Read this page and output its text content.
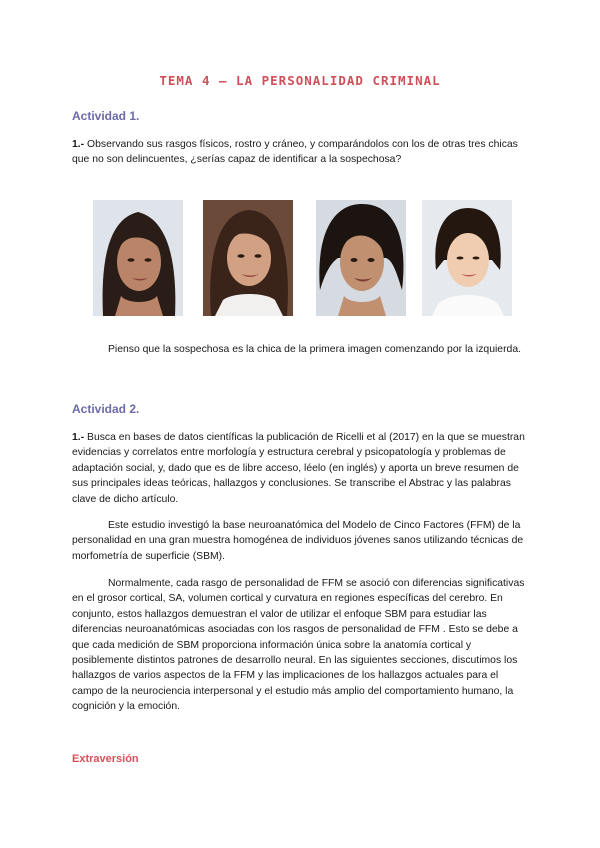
TEMA 4 – LA PERSONALIDAD CRIMINAL
Actividad 1.
1.- Observando sus rasgos físicos, rostro y cráneo, y comparándolos con los de otras tres chicas que no son delincuentes, ¿serías capaz de identificar a la sospechosa?
Pienso que la sospechosa es la chica de la primera imagen comenzando por la izquierda.
Actividad 2.
1.- Busca en bases de datos científicas la publicación de Ricelli et al (2017) en la que se muestran evidencias y correlatos entre morfología y estructura cerebral y psicopatología y problemas de adaptación social, y, dado que es de libre acceso, léelo (en inglés) y aporta un breve resumen de sus principales ideas teóricas, hallazgos y conclusiones. Se transcribe el Abstrac y las palabras clave de dicho artículo.
Este estudio investigó la base neuroanatómica del Modelo de Cinco Factores (FFM) de la personalidad en una gran muestra homogénea de individuos jóvenes sanos utilizando técnicas de morfometría de superficie (SBM).
Normalmente, cada rasgo de personalidad de FFM se asoció con diferencias significativas en el grosor cortical, SA, volumen cortical y curvatura en regiones específicas del cerebro. En conjunto, estos hallazgos demuestran el valor de utilizar el enfoque SBM para estudiar las diferencias neuroanatómicas asociadas con los rasgos de personalidad de FFM . Esto se debe a que cada medición de SBM proporciona información única sobre la anatomía cortical y posiblemente distintos patrones de desarrollo neural. En las siguientes secciones, discutimos los hallazgos de varios aspectos de la FFM y las implicaciones de los hallazgos actuales para el campo de la neurociencia interpersonal y el estudio más amplio del comportamiento humano, la cognición y la emoción.
Extraversión
